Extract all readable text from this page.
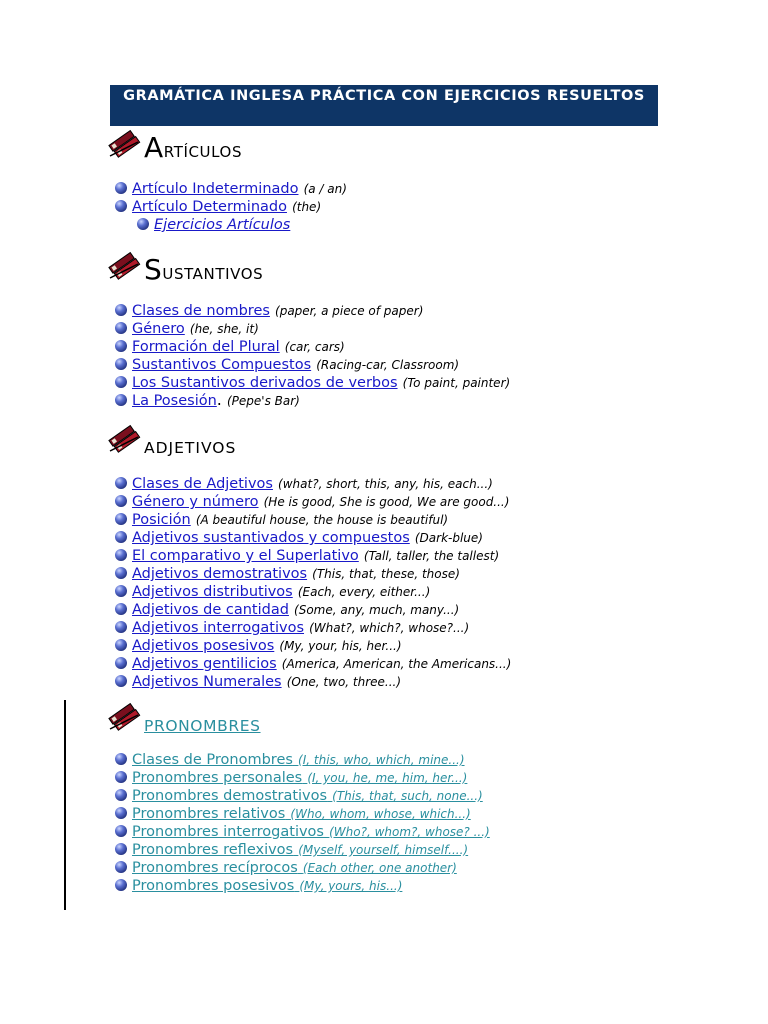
GRAMÁTICA INGLESA PRÁCTICA CON EJERCICIOS RESUELTOS
ARTÍCULOS
Artículo Indeterminado (a / an)
Artículo Determinado (the)
Ejercicios Artículos
SUSTANTIVOS
Clases de nombres (paper, a piece of paper)
Género (he, she, it)
Formación del Plural (car, cars)
Sustantivos Compuestos (Racing-car, Classroom)
Los Sustantivos derivados de verbos (To paint, painter)
La Posesión. (Pepe's Bar)
ADJETIVOS
Clases de Adjetivos (what?, short, this, any, his, each...)
Género y número (He is good, She is good, We are good...)
Posición (A beautiful house, the house is beautiful)
Adjetivos sustantivados y compuestos (Dark-blue)
El comparativo y el Superlativo (Tall, taller, the tallest)
Adjetivos demostrativos (This, that, these, those)
Adjetivos distributivos (Each, every, either...)
Adjetivos de cantidad (Some, any, much, many...)
Adjetivos interrogativos (What?, which?, whose?...)
Adjetivos posesivos (My, your, his, her...)
Adjetivos gentilicios (America, American, the Americans...)
Adjetivos Numerales (One, two, three...)
PRONOMBRES
Clases de Pronombres (I, this, who, which, mine...)
Pronombres personales (I, you, he, me, him, her...)
Pronombres demostrativos (This, that, such, none...)
Pronombres relativos (Who, whom, whose, which...)
Pronombres interrogativos (Who?, whom?, whose? ...)
Pronombres reflexivos (Myself, yourself, himself....)
Pronombres recíprocos (Each other, one another)
Pronombres posesivos (My, yours, his...)
